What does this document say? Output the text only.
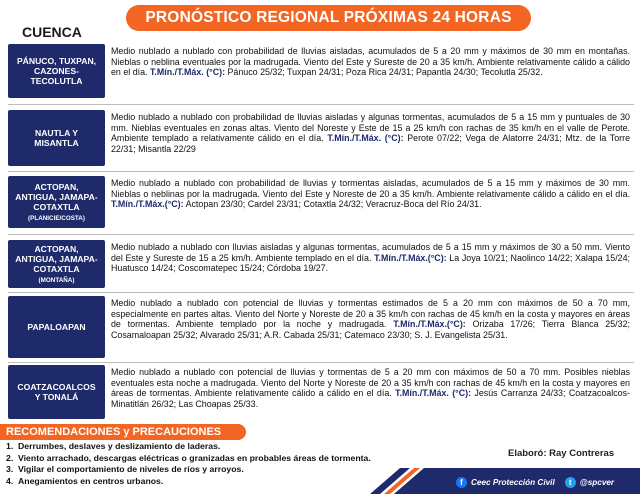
PRONÓSTICO REGIONAL PRÓXIMAS 24 HORAS
CUENCA
PÁNUCO, TUXPAN,
CAZONES-
TECOLUTLA
Medio nublado a nublado con probabilidad de lluvias aisladas, acumulados de 5 a 20 mm y máximos de 30 mm en montañas. Nieblas o neblina eventuales por la madrugada. Viento del Este y Sureste de 20 a 35 km/h. Ambiente relativamente cálido a cálido en el día. T.Mín./T.Máx. (°C): Pánuco 25/32; Tuxpan 24/31; Poza Rica 24/31; Papantla 24/30; Tecolutla 25/32.
NAUTLA Y
MISANTLA
Medio nublado a nublado con probabilidad de lluvias aisladas y algunas tormentas, acumulados de 5 a 15 mm y puntuales de 30 mm. Nieblas eventuales en zonas altas. Viento del Noreste y Este de 15 a 25 km/h con rachas de 35 km/h en el valle de Perote. Ambiente templado a relativamente cálido en el día. T.Mín./T.Máx. (°C): Perote 07/22; Vega de Alatorre 24/31; Mtz. de la Torre 22/31; Misantla 22/29
ACTOPAN,
ANTIGUA, JAMAPA-
COTAXTLA
(PLANICIE/COSTA)
Medio nublado a nublado con probabilidad de lluvias y tormentas aisladas, acumulados de 5 a 15 mm y máximos de 30 mm. Nieblas o neblinas por la madrugada. Viento del Este y Noreste de 20 a 35 km/h. Ambiente relativamente cálido a cálido en el día. T.Mín./T.Máx.(°C): Actopan 23/30; Cardel 23/31; Cotaxtla 24/32; Veracruz-Boca del Río 24/31.
ACTOPAN,
ANTIGUA, JAMAPA-
COTAXTLA
(MONTAÑA)
Medio nublado a nublado con lluvias aisladas y algunas tormentas, acumulados de 5 a 15 mm y máximos de 30 a 50 mm. Viento del Este y Sureste de 15 a 25 km/h. Ambiente templado en el día. T.Mín./T.Máx.(°C): La Joya 10/21; Naolinco 14/22; Xalapa 15/24; Huatusco 14/24; Coscomatepec 15/24; Córdoba 19/27.
PAPALOAPAN
Medio nublado a nublado con potencial de lluvias y tormentas estimados de 5 a 20 mm con máximos de 50 a 70 mm, especialmente en partes altas. Viento del Norte y Noreste de 20 a 35 km/h con rachas de 45 km/h en la costa y mayores en áreas de tormentas. Ambiente templado por la noche y madrugada. T.Mín./T.Máx.(°C): Orizaba 17/26; Tierra Blanca 25/32; Cosamaloapan 25/32; Alvarado 25/31; A.R. Cabada 25/31; Catemaco 23/30; S. J. Evangelista 25/31.
COATZACOALCOS
Y TONALÁ
Medio nublado a nublado con potencial de lluvias y tormentas de 5 a 20 mm con máximos de 50 a 70 mm. Posibles nieblas eventuales esta noche a madrugada. Viento del Norte y Noreste de 20 a 35 km/h con rachas de 45 km/h en la costa y mayores en áreas de tormentas. Ambiente relativamente cálido a cálido en el día. T.Mín./T.Máx. (°C): Jesús Carranza 24/33; Coatzacoalcos-Minatitlán 26/32; Las Choapas 25/33.
RECOMENDACIONES y PRECAUCIONES
1. Derrumbes, deslaves y deslizamiento de laderas.
2. Viento arrachado, descargas eléctricas o granizadas en probables áreas de tormenta.
3. Vigilar el comportamiento de niveles de ríos y arroyos.
4. Anegamientos en centros urbanos.
Elaboró: Ray Contreras
f Ceec Protección Civil	t @spcver
